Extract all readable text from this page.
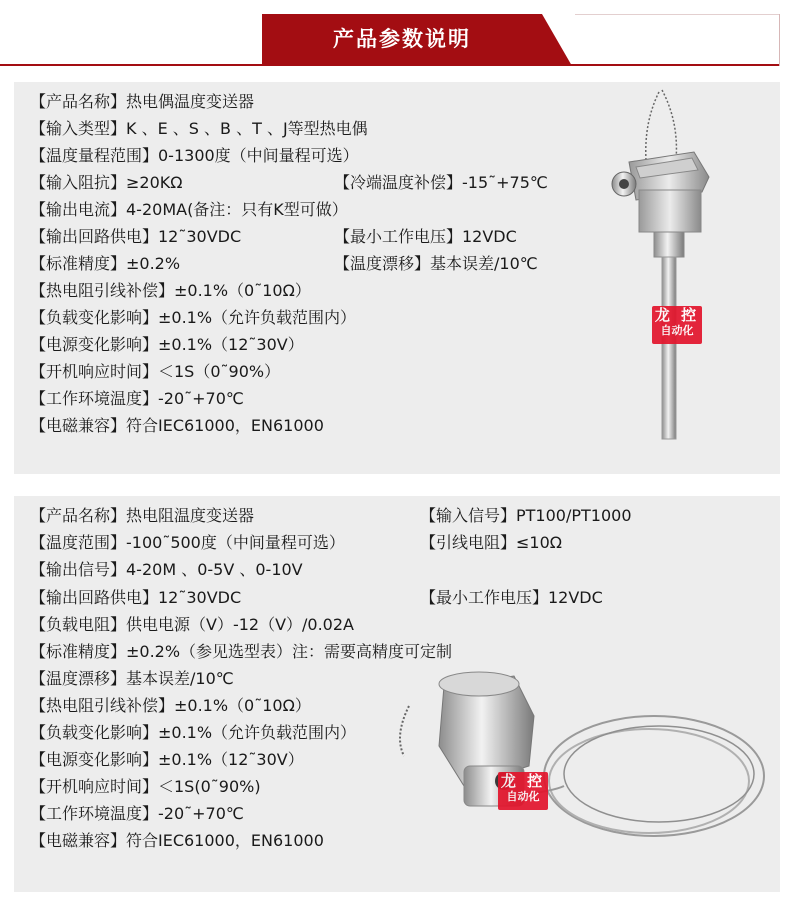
产品参数说明
【产品名称】热电偶温度变送器
【输入类型】K 、E 、S 、B 、T 、J等型热电偶
【温度量程范围】0-1300度（中间量程可选）
【输入阻抗】≥20KΩ	【冷端温度补偿】-15˜+75℃
【输出电流】4-20MA(备注：只有K型可做）
【输出回路供电】12˜30VDC	【最小工作电压】12VDC
【标准精度】±0.2%	【温度漂移】基本误差/10℃
【热电阻引线补偿】±0.1%（0˜10Ω）
【负载变化影响】±0.1%（允许负载范围内）
【电源变化影响】±0.1%（12˜30V）
【开机响应时间】＜1S（0˜90%）
【工作环境温度】-20˜+70℃
【电磁兼容】符合IEC61000，EN61000
龙 控
自动化
【产品名称】热电阻温度变送器	【输入信号】PT100/PT1000
【温度范围】-100˜500度（中间量程可选）	【引线电阻】≤10Ω
【输出信号】4-20M 、0-5V 、0-10V
【输出回路供电】12˜30VDC	【最小工作电压】12VDC
【负载电阻】供电电源（V）-12（V）/0.02A
【标准精度】±0.2%（参见选型表）注：需要高精度可定制
【温度漂移】基本误差/10℃
【热电阻引线补偿】±0.1%（0˜10Ω）
【负载变化影响】±0.1%（允许负载范围内）
【电源变化影响】±0.1%（12˜30V）
【开机响应时间】＜1S(0˜90%)
【工作环境温度】-20˜+70℃
【电磁兼容】符合IEC61000，EN61000
龙 控
自动化
